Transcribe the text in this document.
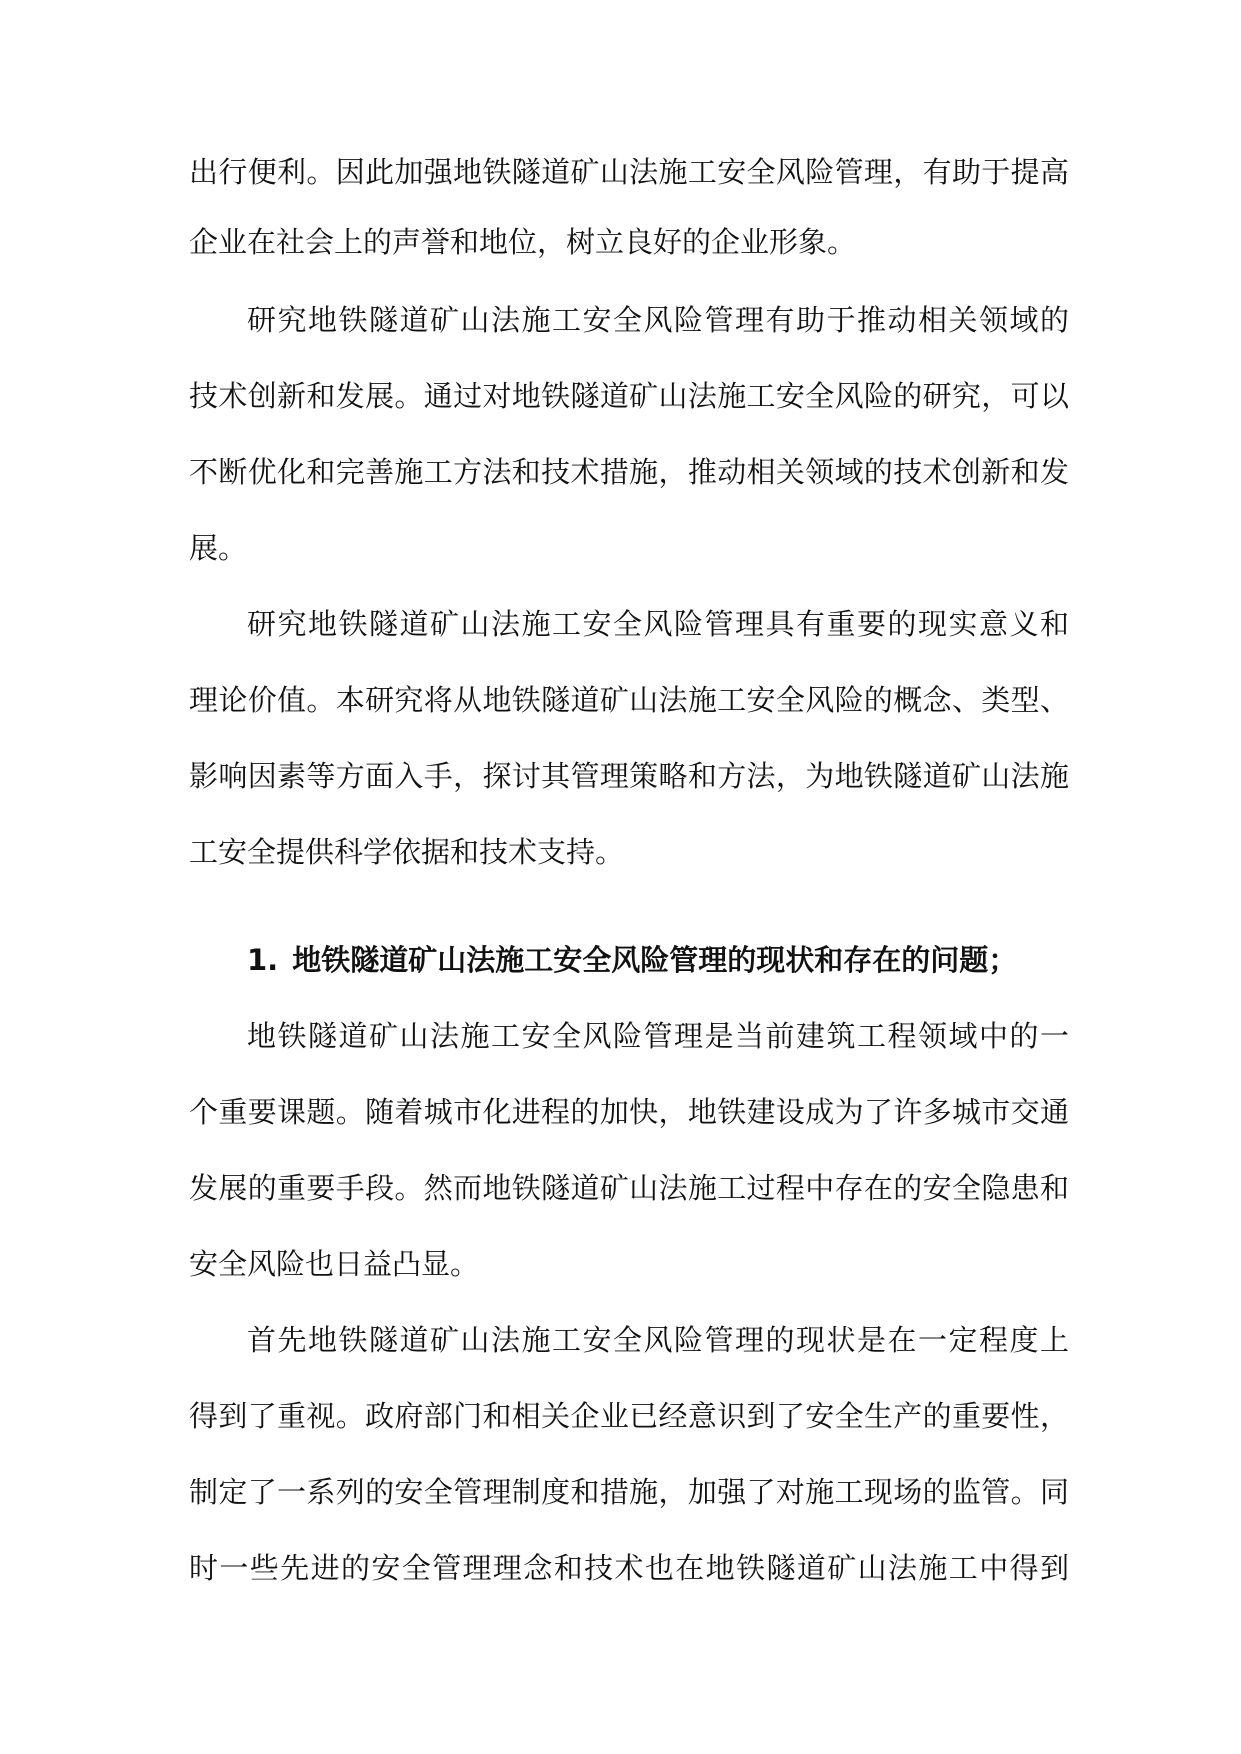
出行便利。因此加强地铁隧道矿山法施工安全风险管理，有助于提高
企业在社会上的声誉和地位，树立良好的企业形象。
研究地铁隧道矿山法施工安全风险管理有助于推动相关领域的
技术创新和发展。通过对地铁隧道矿山法施工安全风险的研究，可以
不断优化和完善施工方法和技术措施，推动相关领域的技术创新和发
展。
研究地铁隧道矿山法施工安全风险管理具有重要的现实意义和
理论价值。本研究将从地铁隧道矿山法施工安全风险的概念、类型、
影响因素等方面入手，探讨其管理策略和方法，为地铁隧道矿山法施
工安全提供科学依据和技术支持。
1. 地铁隧道矿山法施工安全风险管理的现状和存在的问题；
地铁隧道矿山法施工安全风险管理是当前建筑工程领域中的一
个重要课题。随着城市化进程的加快，地铁建设成为了许多城市交通
发展的重要手段。然而地铁隧道矿山法施工过程中存在的安全隐患和
安全风险也日益凸显。
首先地铁隧道矿山法施工安全风险管理的现状是在一定程度上
得到了重视。政府部门和相关企业已经意识到了安全生产的重要性，
制定了一系列的安全管理制度和措施，加强了对施工现场的监管。同
时一些先进的安全管理理念和技术也在地铁隧道矿山法施工中得到
